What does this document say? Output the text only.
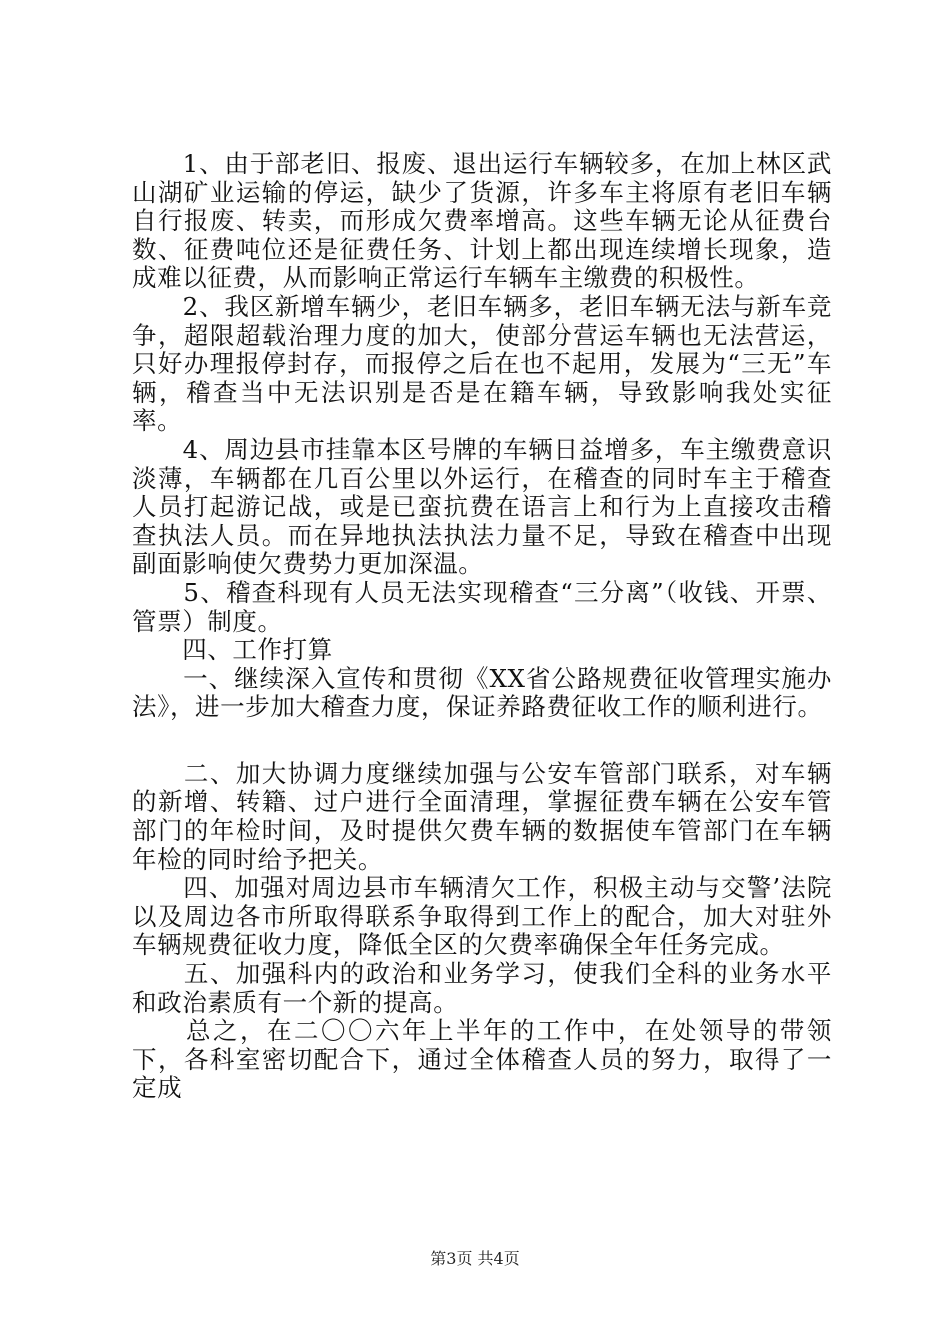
　　1、由于部老旧、报废、退出运行车辆较多，在加上林区武山湖矿业运输的停运，缺少了货源，许多车主将原有老旧车辆自行报废、转卖，而形成欠费率增高。这些车辆无论从征费台数、征费吨位还是征费任务、计划上都出现连续增长现象，造成难以征费，从而影响正常运行车辆车主缴费的积极性。

　　2、我区新增车辆少，老旧车辆多，老旧车辆无法与新车竞争，超限超载治理力度的加大，使部分营运车辆也无法营运，只好办理报停封存，而报停之后在也不起用，发展为“三无”车辆，稽查当中无法识别是否是在籍车辆，导致影响我处实征率。

　　4、周边县市挂靠本区号牌的车辆日益增多，车主缴费意识淡薄，车辆都在几百公里以外运行，在稽查的同时车主于稽查人员打起游记战，或是已蛮抗费在语言上和行为上直接攻击稽查执法人员。而在异地执法执法力量不足，导致在稽查中出现副面影响使欠费势力更加深温。

　　5、稽查科现有人员无法实现稽查“三分离”（收钱、开票、管票）制度。

　　四、工作打算

　　一、继续深入宣传和贯彻《XX省公路规费征收管理实施办法》，进一步加大稽查力度，保证养路费征收工作的顺利进行。

　　二、加大协调力度继续加强与公安车管部门联系，对车辆的新增、转籍、过户进行全面清理，掌握征费车辆在公安车管部门的年检时间，及时提供欠费车辆的数据使车管部门在车辆年检的同时给予把关。

　　四、加强对周边县市车辆清欠工作，积极主动与交警’法院以及周边各市所取得联系争取得到工作上的配合，加大对驻外车辆规费征收力度，降低全区的欠费率确保全年任务完成。

　　五、加强科内的政治和业务学习，使我们全科的业务水平和政治素质有一个新的提高。

　　总之，在二〇〇六年上半年的工作中，在处领导的带领下，各科室密切配合下，通过全体稽查人员的努力，取得了一定成

第3页 共4页
